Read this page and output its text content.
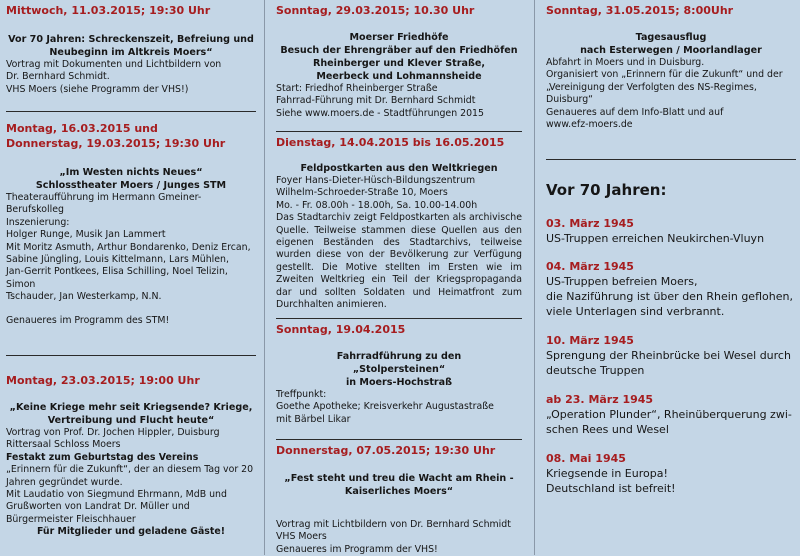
Mittwoch, 11.03.2015; 19:30 Uhr

Vor 70 Jahren: Schreckenszeit, Befreiung und
Neubeginn im Altkreis Moers“

Vortrag mit Dokumenten und Lichtbildern von
Dr. Bernhard Schmidt.
VHS Moers (siehe Programm der VHS!)

Montag, 16.03.2015 und
Donnerstag, 19.03.2015; 19:30 Uhr

„Im Westen nichts Neues“
Schlosstheater Moers / Junges STM

Theateraufführung im Hermann Gmeiner-Berufskolleg
Inszenierung:
Holger Runge, Musik Jan Lammert
Mit Moritz Asmuth, Arthur Bondarenko, Deniz Ercan,
Sabine Jüngling, Louis Kittelmann, Lars Mühlen,
Jan-Gerrit Pontkees, Elisa Schilling, Noel Telizin, Simon
Tschauder, Jan Westerkamp, N.N.

Genaueres im Programm des STM!

Montag, 23.03.2015; 19:00 Uhr

„Keine Kriege mehr seit Kriegsende? Kriege,
Vertreibung und Flucht heute“

Vortrag von Prof. Dr. Jochen Hippler, Duisburg
Rittersaal Schloss Moers

Festakt zum Geburtstag des Vereins

„Erinnern für die Zukunft“, der an diesem Tag vor 20
Jahren gegründet wurde.
Mit Laudatio von Siegmund Ehrmann, MdB und
Grußworten von Landrat Dr. Müller und
Bürgermeister Fleischhauer

Für Mitglieder und geladene Gäste!

Sonntag, 29.03.2015; 10.30 Uhr

Moerser Friedhöfe
Besuch der Ehrengräber auf den Friedhöfen
Rheinberger und Klever Straße,
Meerbeck und Lohmannsheide

Start: Friedhof Rheinberger Straße
Fahrrad-Führung mit Dr. Bernhard Schmidt
Siehe www.moers.de - Stadtführungen 2015

Dienstag, 14.04.2015 bis 16.05.2015

Feldpostkarten aus den Weltkriegen

Foyer Hans-Dieter-Hüsch-Bildungszentrum
Wilhelm-Schroeder-Straße 10, Moers
Mo. - Fr. 08.00h - 18.00h, Sa. 10.00-14.00h

Das Stadtarchiv zeigt Feldpostkarten als archivische Quelle. Teilweise stammen diese Quellen aus den eigenen Beständen des Stadtarchivs, teilweise wurden diese von der Bevölkerung zur Verfügung gestellt. Die Motive stellten im Ersten wie im Zweiten Weltkrieg ein Teil der Kriegspropaganda dar und sollten Soldaten und Heimatfront zum Durchhalten animieren.

Sonntag, 19.04.2015

Fahrradführung zu den
„Stolpersteinen“
in Moers-Hochstraß

Treffpunkt:
Goethe Apotheke; Kreisverkehr Augustastraße
mit Bärbel Likar

Donnerstag, 07.05.2015; 19:30 Uhr

„Fest steht und treu die Wacht am Rhein -
Kaiserliches Moers“

Vortrag mit Lichtbildern von Dr. Bernhard Schmidt
VHS Moers
Genaueres im Programm der VHS!

Sonntag, 31.05.2015; 8:00Uhr

Tagesausflug
nach Esterwegen / Moorlandlager

Abfahrt in Moers und in Duisburg.
Organisiert von „Erinnern für die Zukunft“ und der
„Vereinigung der Verfolgten des NS-Regimes,
Duisburg“
Genaueres auf dem Info-Blatt und auf
www.efz-moers.de

Vor 70 Jahren:

03. März 1945

US-Truppen erreichen Neukirchen-Vluyn

04. März 1945

US-Truppen befreien Moers,
die Naziführung ist über den Rhein geflohen,
viele Unterlagen sind verbrannt.

10. März 1945

Sprengung der Rheinbrücke bei Wesel durch
deutsche Truppen

ab 23. März 1945

„Operation Plunder“, Rheinüberquerung zwi-
schen Rees und Wesel

08. Mai 1945

Kriegsende in Europa!
Deutschland ist befreit!
